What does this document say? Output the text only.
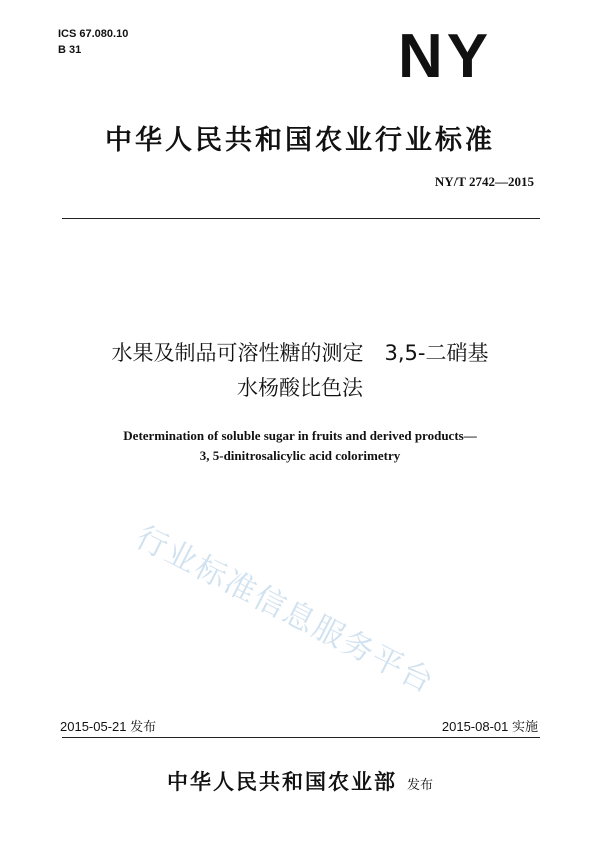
ICS 67.080.10
B 31	NY
中华人民共和国农业行业标准
NY/T 2742—2015
水果及制品可溶性糖的测定　3,5-二硝基
水杨酸比色法
Determination of soluble sugar in fruits and derived products—
3, 5-dinitrosalicylic acid colorimetry
行业标准信息服务平台
2015-05-21 发布	2015-08-01 实施
中华人民共和国农业部 发布
